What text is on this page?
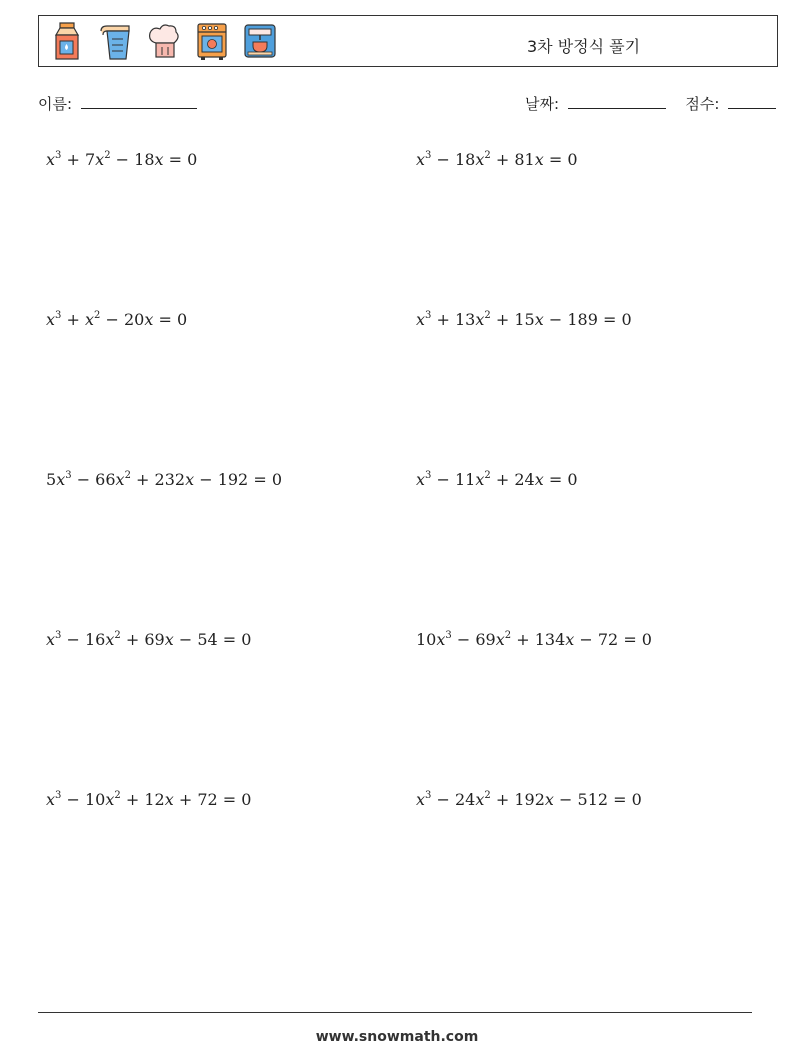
3차 방정식 풀기
이름:	날짜:	점수:
$x^3 + 7x^2 - 18x = 0$	$x^3 - 18x^2 + 81x = 0$
$x^3 + x^2 - 20x = 0$	$x^3 + 13x^2 + 15x - 189 = 0$
$5x^3 - 66x^2 + 232x - 192 = 0$	$x^3 - 11x^2 + 24x = 0$
$x^3 - 16x^2 + 69x - 54 = 0$	$10x^3 - 69x^2 + 134x - 72 = 0$
$x^3 - 10x^2 + 12x + 72 = 0$	$x^3 - 24x^2 + 192x - 512 = 0$
www.snowmath.com
